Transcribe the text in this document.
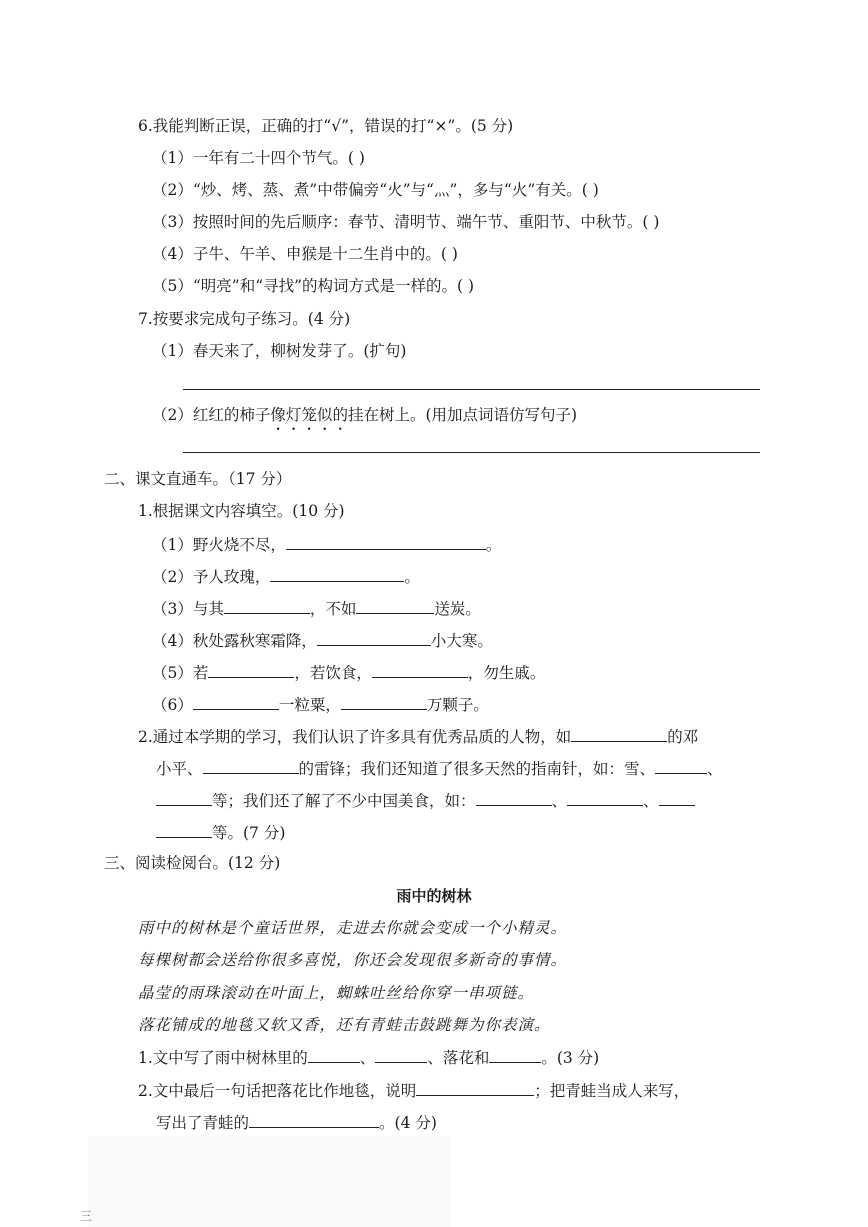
6.我能判断正误，正确的打“√”，错误的打“×”。(5 分)
（1）一年有二十四个节气。( )
（2）“炒、烤、蒸、煮”中带偏旁“火”与“灬”，多与“火”有关。( )
（3）按照时间的先后顺序：春节、清明节、端午节、重阳节、中秋节。( )
（4）子牛、午羊、申猴是十二生肖中的。( )
（5）“明亮”和“寻找”的构词方式是一样的。( )
7.按要求完成句子练习。(4 分)
（1）春天来了，柳树发芽了。(扩句)
（2）红红的柿子像灯笼似的挂在树上。(用加点词语仿写句子)
二、课文直通车。（17 分）
1.根据课文内容填空。(10 分)
（1）野火烧不尽，	。
（2）予人玫瑰，	。
（3）与其	，不如	送炭。
（4）秋处露秋寒霜降，	小大寒。
（5）若	，若饮食，	，勿生戚。
（6）	一粒粟，	万颗子。
2.通过本学期的学习，我们认识了许多具有优秀品质的人物，如	的邓
小平、	的雷锋；我们还知道了很多天然的指南针，如：雪、	、
等；我们还了解了不少中国美食，如：	、	、
等。(7 分)
三、阅读检阅台。(12 分)
雨中的树林
雨中的树林是个童话世界，走进去你就会变成一个小精灵。
每棵树都会送给你很多喜悦，你还会发现很多新奇的事情。
晶莹的雨珠滚动在叶面上，蜘蛛吐丝给你穿一串项链。
落花铺成的地毯又软又香，还有青蛙击鼓跳舞为你表演。
1.文中写了雨中树林里的	、	、落花和	。(3 分)
2.文中最后一句话把落花比作地毯，说明	；把青蛙当成人来写，
写出了青蛙的	。(4 分)
三
